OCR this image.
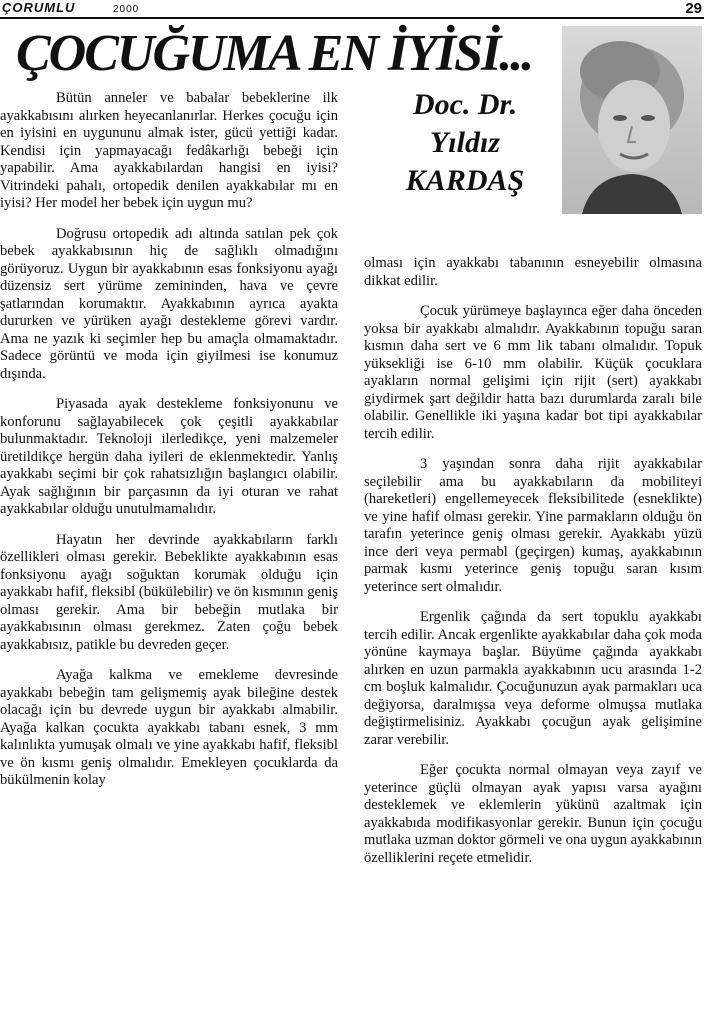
ÇORUMLU	2000	29
ÇOCUĞUMA EN İYİSİ...
Doc. Dr.
Yıldız
KARDAŞ

Bütün anneler ve babalar bebeklerine ilk ayakkabısını alırken heyecanlanırlar. Herkes çocuğu için en iyisini en uygununu almak ister, gücü yettiği kadar. Kendisi için yapmayacağı fedâkarlığı bebeği için yapabilir. Ama ayakkabılardan hangisi en iyisi? Vitrindeki pahalı, ortopedik denilen ayakkabılar mı en iyisi? Her model her bebek için uygun mu?

Doğrusu ortopedik adı altında satılan pek çok bebek ayakkabısının hiç de sağlıklı olmadığını görüyoruz. Uygun bir ayakkabının esas fonksiyonu ayağı düzensiz sert yürüme zemininden, hava ve çevre şatlarından korumaktır. Ayakkabının ayrıca ayakta dururken ve yürüken ayağı destekleme görevi vardır. Ama ne yazık ki seçimler hep bu amaçla olmamaktadır. Sadece görüntü ve moda için giyilmesi ise konumuz dışında.

Piyasada ayak destekleme fonksiyonunu ve konforunu sağlayabilecek çok çeşitli ayakkabılar bulunmaktadır. Teknoloji ilerledikçe, yeni malzemeler üretildikçe hergün daha iyileri de eklenmektedir. Yanlış ayakkabı seçimi bir çok rahatsızlığın başlangıcı olabilir. Ayak sağlığının bir parçasının da iyi oturan ve rahat ayakkabılar olduğu unutulmamalıdır.

Hayatın her devrinde ayakkabıların farklı özellikleri olması gerekir. Bebeklikte ayakkabının esas fonksiyonu ayağı soğuktan korumak olduğu için ayakkabı hafif, fleksibl (bükülebilir) ve ön kısmının geniş olması gerekir. Ama bir bebeğin mutlaka bir ayakkabısının olması gerekmez. Zaten çoğu bebek ayakkabısız, patikle bu devreden geçer.

Ayağa kalkma ve emekleme devresinde ayakkabı bebeğin tam gelişmemiş ayak bileğine destek olacağı için bu devrede uygun bir ayakkabı almabilir. Ayağa kalkan çocukta ayakkabı tabanı esnek, 3 mm kalınlıkta yumuşak olmalı ve yine ayakkabı hafif, fleksibl ve ön kısmı geniş olmalıdır. Emekleyen çocuklarda da bükülmenin kolay

olması için ayakkabı tabanının esneyebilir olmasına dikkat edilir.

Çocuk yürümeye başlayınca eğer daha önceden yoksa bir ayakkabı almalıdır. Ayakkabının topuğu saran kısmın daha sert ve 6 mm lik tabanı olmalıdır. Topuk yüksekliği ise 6-10 mm olabilir. Küçük çocuklara ayakların normal gelişimi için rijit (sert) ayakkabı giydirmek şart değildir hatta bazı durumlarda zaralı bile olabilir. Genellikle iki yaşına kadar bot tipi ayakkabılar tercih edilir.

3 yaşından sonra daha rijit ayakkabılar seçilebilir ama bu ayakkabıların da mobiliteyi (hareketleri) engellemeyecek fleksibilitede (esneklikte) ve yine hafif olması gerekir. Yine parmakların olduğu ön tarafın yeterince geniş olması gerekir. Ayakkabı yüzü ince deri veya permabl (geçirgen) kumaş, ayakkabının parmak kısmı yeterince geniş topuğu saran kısım yeterince sert olmalıdır.

Ergenlik çağında da sert topuklu ayakkabı tercih edilir. Ancak ergenlikte ayakkabılar daha çok moda yönüne kaymaya başlar. Büyüme çağında ayakkabı alırken en uzun parmakla ayakkabının ucu arasında 1-2 cm boşluk kalmalıdır. Çocuğunuzun ayak parmakları uca değiyorsa, daralmışsa veya deforme olmuşsa mutlaka değiştirmelisiniz. Ayakkabı çocuğun ayak gelişimine zarar verebilir.

Eğer çocukta normal olmayan veya zayıf ve yeterince güçlü olmayan ayak yapısı varsa ayağını desteklemek ve eklemlerin yükünü azaltmak için ayakkabıda modifikasyonlar gerekir. Bunun için çocuğu mutlaka uzman doktor görmeli ve ona uygun ayakkabının özelliklerini reçete etmelidir.
